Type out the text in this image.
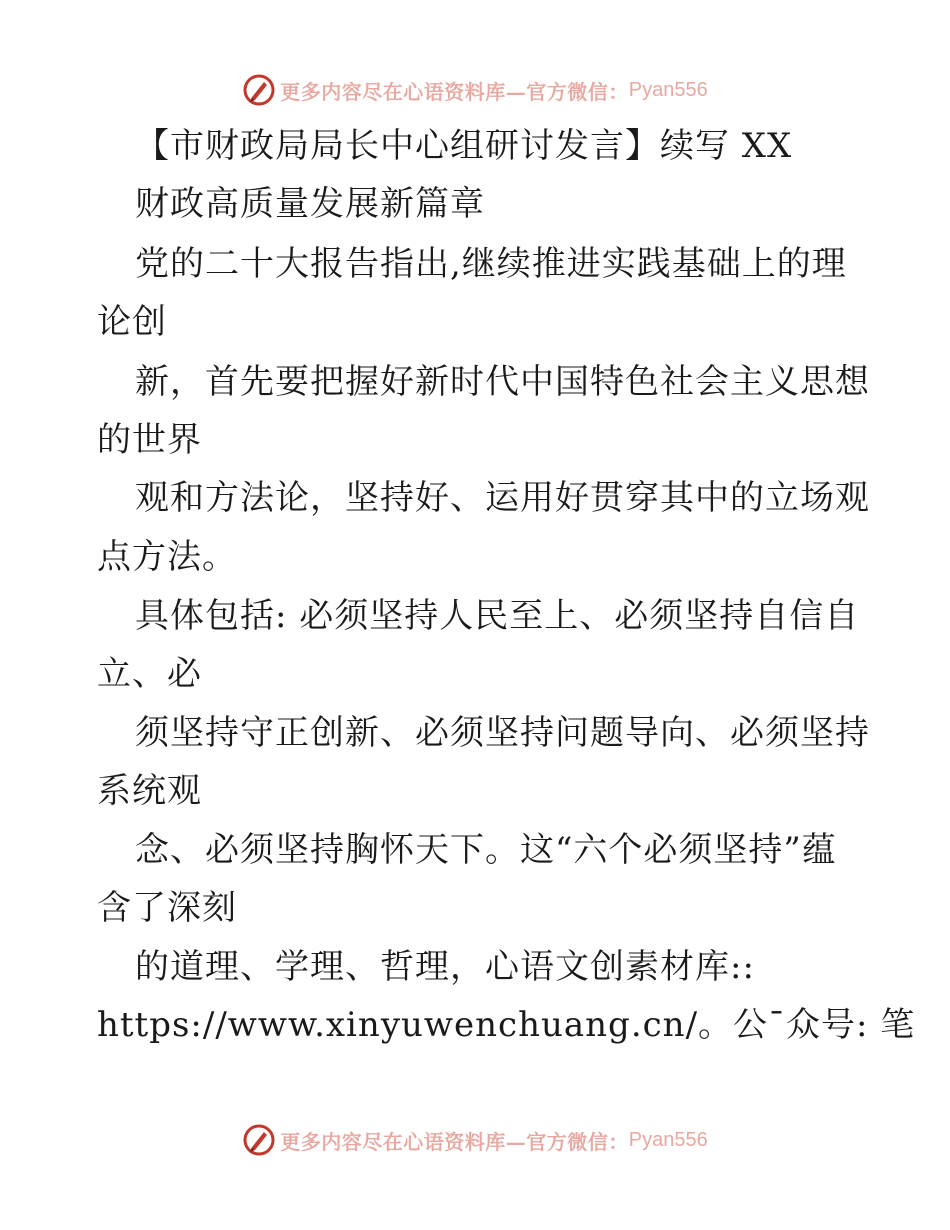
更多内容尽在心语资料库—官方微信： Pyan556
【市财政局局长中心组研讨发言】续写 XX
财政高质量发展新篇章
党的二十大报告指出,继续推进实践基础上的理
论创
新，首先要把握好新时代中国特色社会主义思想
的世界
观和方法论，坚持好、运用好贯穿其中的立场观
点方法。
具体包括: 必须坚持人民至上、必须坚持自信自
立、必
须坚持守正创新、必须坚持问题导向、必须坚持
系统观
念、必须坚持胸怀天下。这“六个必须坚持”蕴
含了深刻
的道理、学理、哲理，心语文创素材库::
https://www.xinyuwenchuang.cn/。公¯众号: 笔
更多内容尽在心语资料库—官方微信： Pyan556
